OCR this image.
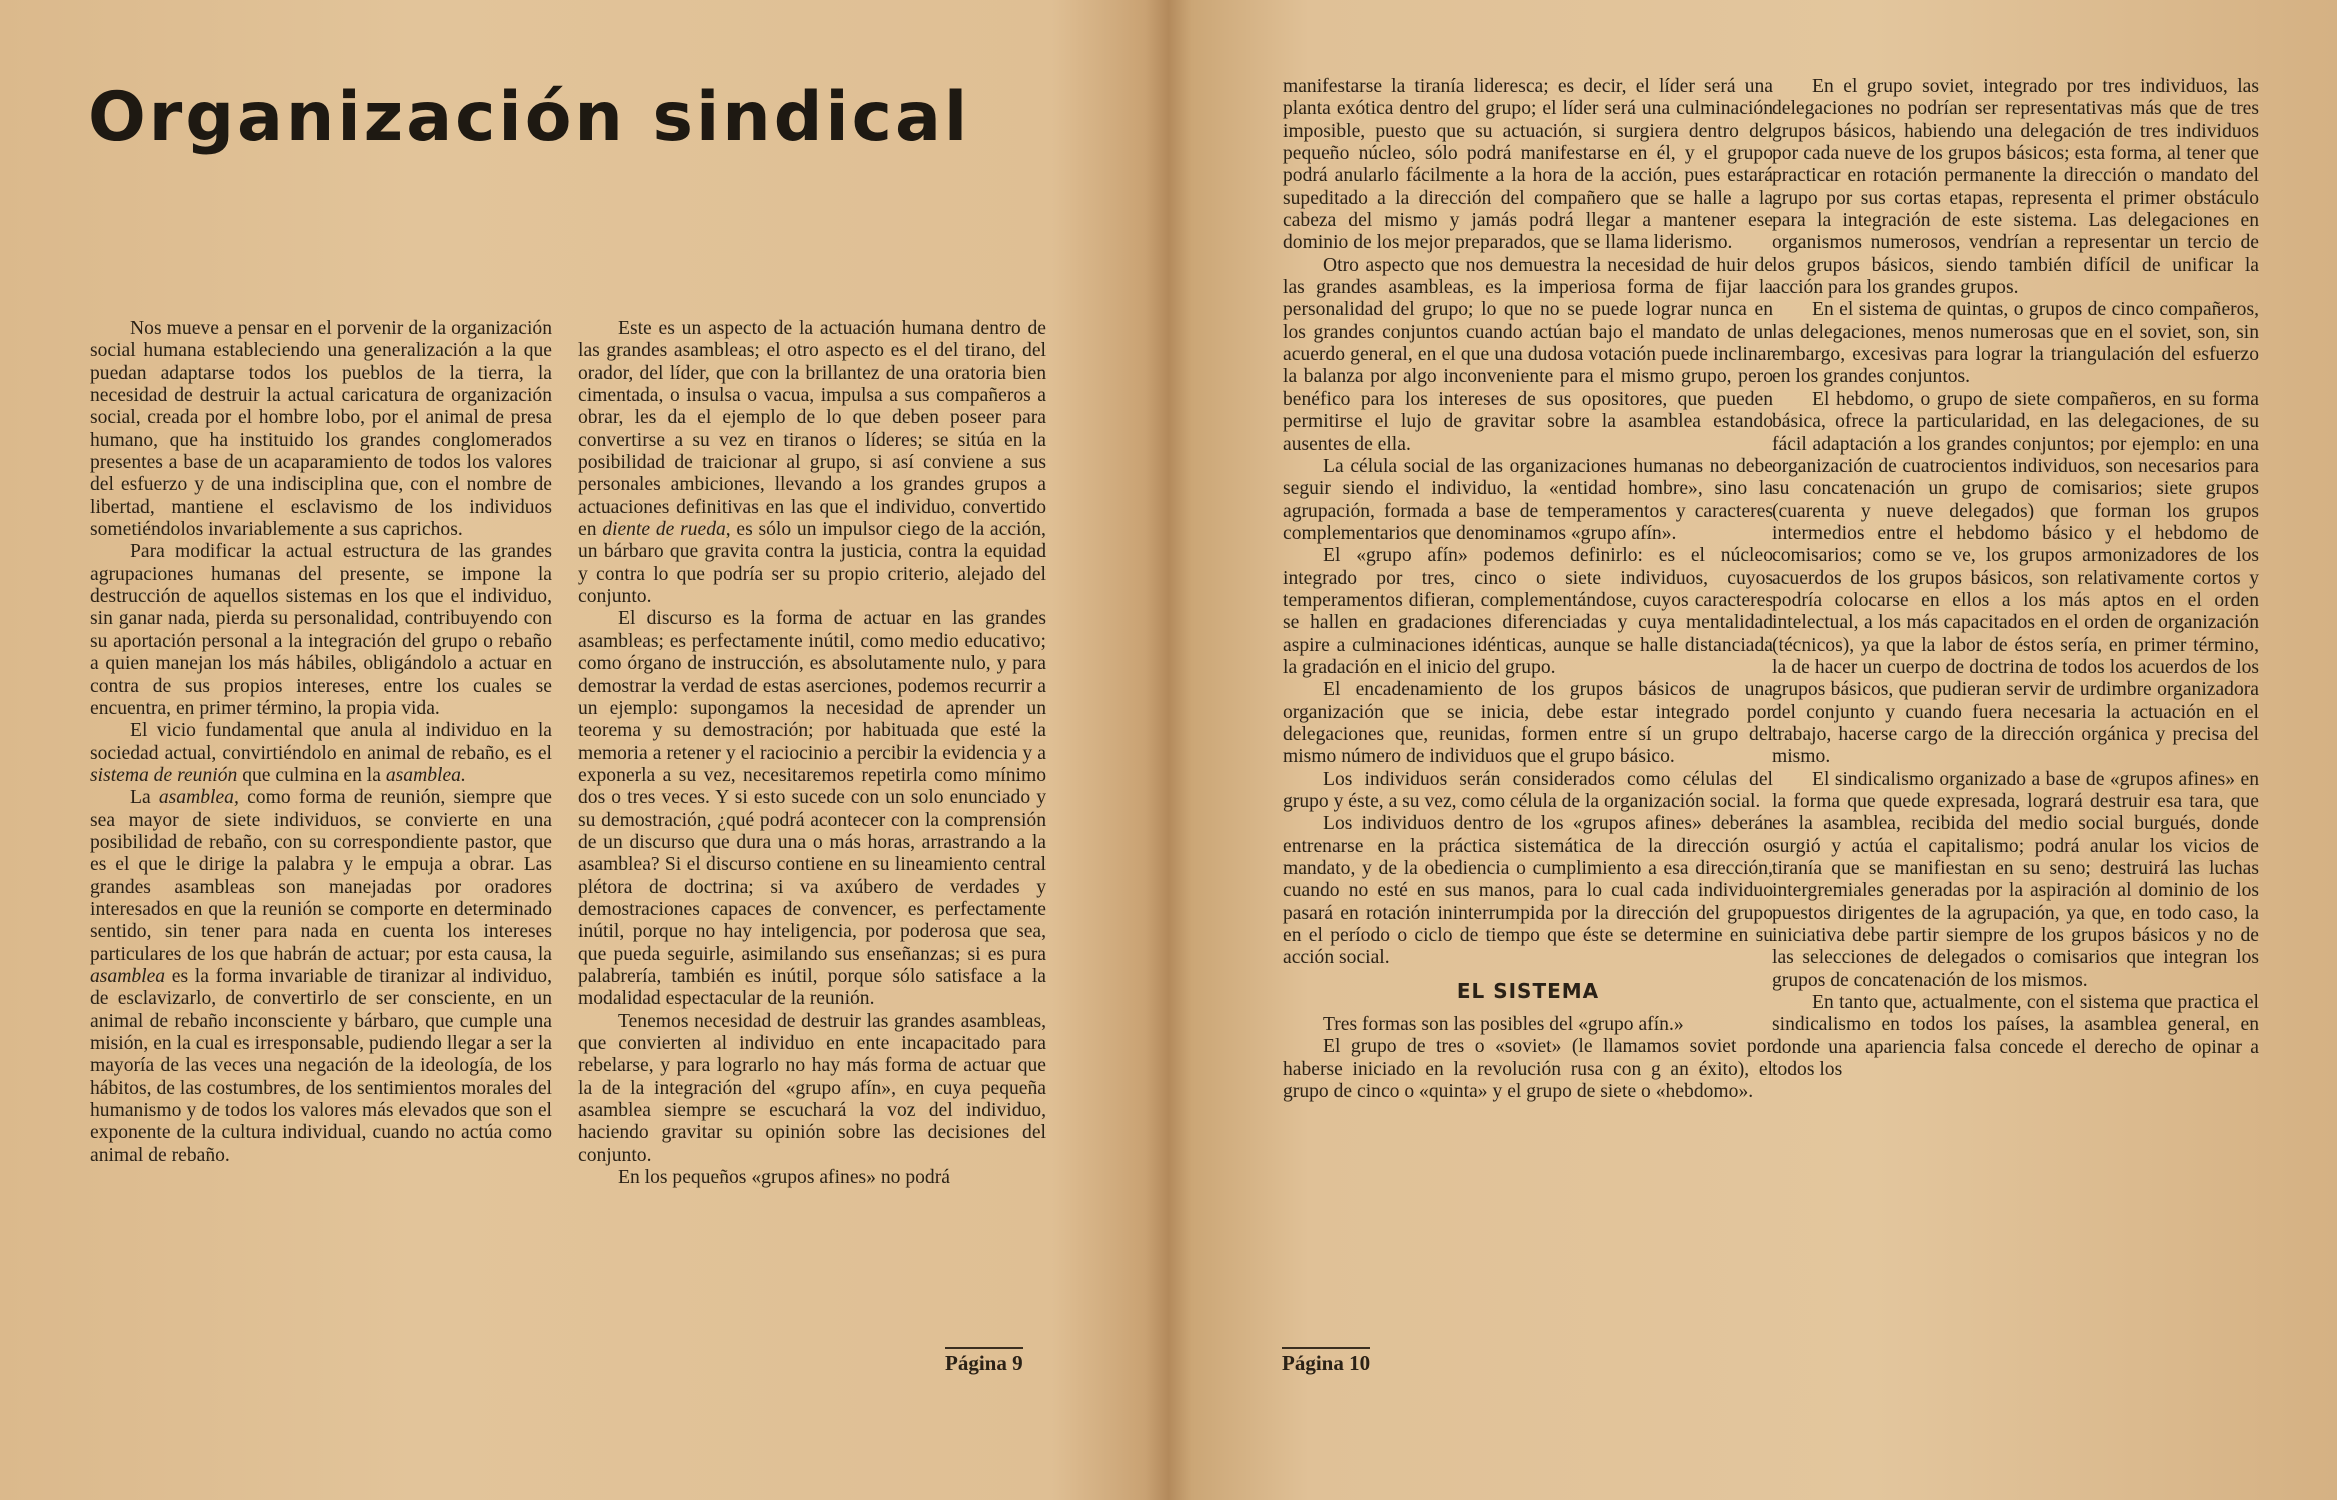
Organización sindical

Nos mueve a pensar en el porvenir de la organización social humana estableciendo una generalización a la que puedan adaptarse todos los pueblos de la tierra, la necesidad de destruir la actual caricatura de organización social, creada por el hombre lobo, por el animal de presa humano, que ha instituido los grandes conglomerados presentes a base de un acaparamiento de todos los valores del esfuerzo y de una indisciplina que, con el nombre de libertad, mantiene el esclavismo de los individuos sometiéndolos invariablemente a sus caprichos.

Para modificar la actual estructura de las grandes agrupaciones humanas del presente, se impone la destrucción de aquellos sistemas en los que el individuo, sin ganar nada, pierda su personalidad, contribuyendo con su aportación personal a la integración del grupo o rebaño a quien manejan los más hábiles, obligándolo a actuar en contra de sus propios intereses, entre los cuales se encuentra, en primer término, la propia vida.

El vicio fundamental que anula al individuo en la sociedad actual, convirtiéndolo en animal de rebaño, es el sistema de reunión que culmina en la asamblea.

La asamblea, como forma de reunión, siempre que sea mayor de siete individuos, se convierte en una posibilidad de rebaño, con su correspondiente pastor, que es el que le dirige la palabra y le empuja a obrar. Las grandes asambleas son manejadas por oradores interesados en que la reunión se comporte en determinado sentido, sin tener para nada en cuenta los intereses particulares de los que habrán de actuar; por esta causa, la asamblea es la forma invariable de tiranizar al individuo, de esclavizarlo, de convertirlo de ser consciente, en un animal de rebaño inconsciente y bárbaro, que cumple una misión, en la cual es irresponsable, pudiendo llegar a ser la mayoría de las veces una negación de la ideología, de los hábitos, de las costumbres, de los sentimientos morales del humanismo y de todos los valores más elevados que son el exponente de la cultura individual, cuando no actúa como animal de rebaño.

Este es un aspecto de la actuación humana dentro de las grandes asambleas; el otro aspecto es el del tirano, del orador, del líder, que con la brillantez de una oratoria bien cimentada, o insulsa o vacua, impulsa a sus compañeros a obrar, les da el ejemplo de lo que deben poseer para convertirse a su vez en tiranos o líderes; se sitúa en la posibilidad de traicionar al grupo, si así conviene a sus personales ambiciones, llevando a los grandes grupos a actuaciones definitivas en las que el individuo, convertido en diente de rueda, es sólo un impulsor ciego de la acción, un bárbaro que gravita contra la justicia, contra la equidad y contra lo que podría ser su propio criterio, alejado del conjunto.

El discurso es la forma de actuar en las grandes asambleas; es perfectamente inútil, como medio educativo; como órgano de instrucción, es absolutamente nulo, y para demostrar la verdad de estas aserciones, podemos recurrir a un ejemplo: supongamos la necesidad de aprender un teorema y su demostración; por habituada que esté la memoria a retener y el raciocinio a percibir la evidencia y a exponerla a su vez, necesitaremos repetirla como mínimo dos o tres veces. Y si esto sucede con un solo enunciado y su demostración, ¿qué podrá acontecer con la comprensión de un discurso que dura una o más horas, arrastrando a la asamblea? Si el discurso contiene en su lineamiento central plétora de doctrina; si va axúbero de verdades y demostraciones capaces de convencer, es perfectamente inútil, porque no hay inteligencia, por poderosa que sea, que pueda seguirle, asimilando sus enseñanzas; si es pura palabrería, también es inútil, porque sólo satisface a la modalidad espectacular de la reunión.

Tenemos necesidad de destruir las grandes asambleas, que convierten al individuo en ente incapacitado para rebelarse, y para lograrlo no hay más forma de actuar que la de la integración del «grupo afín», en cuya pequeña asamblea siempre se escuchará la voz del individuo, haciendo gravitar su opinión sobre las decisiones del conjunto.

En los pequeños «grupos afines» no podrá

Página 9

manifestarse la tiranía lideresca; es decir, el líder será una planta exótica dentro del grupo; el líder será una culminación imposible, puesto que su actuación, si surgiera dentro del pequeño núcleo, sólo podrá manifestarse en él, y el grupo podrá anularlo fácilmente a la hora de la acción, pues estará supeditado a la dirección del compañero que se halle a la cabeza del mismo y jamás podrá llegar a mantener ese dominio de los mejor preparados, que se llama liderismo.

Otro aspecto que nos demuestra la necesidad de huir de las grandes asambleas, es la imperiosa forma de fijar la personalidad del grupo; lo que no se puede lograr nunca en los grandes conjuntos cuando actúan bajo el mandato de un acuerdo general, en el que una dudosa votación puede inclinar la balanza por algo inconveniente para el mismo grupo, pero benéfico para los intereses de sus opositores, que pueden permitirse el lujo de gravitar sobre la asamblea estando ausentes de ella.

La célula social de las organizaciones humanas no debe seguir siendo el individuo, la «entidad hombre», sino la agrupación, formada a base de temperamentos y caracteres complementarios que denominamos «grupo afín».

El «grupo afín» podemos definirlo: es el núcleo integrado por tres, cinco o siete individuos, cuyos temperamentos difieran, complementándose, cuyos caracteres se hallen en gradaciones diferenciadas y cuya mentalidad aspire a culminaciones idénticas, aunque se halle distanciada la gradación en el inicio del grupo.

El encadenamiento de los grupos básicos de una organización que se inicia, debe estar integrado por delegaciones que, reunidas, formen entre sí un grupo del mismo número de individuos que el grupo básico.

Los individuos serán considerados como células del grupo y éste, a su vez, como célula de la organización social.

Los individuos dentro de los «grupos afines» deberán entrenarse en la práctica sistemática de la dirección o mandato, y de la obediencia o cumplimiento a esa dirección, cuando no esté en sus manos, para lo cual cada individuo pasará en rotación ininterrumpida por la dirección del grupo en el período o ciclo de tiempo que éste se determine en su acción social.

EL SISTEMA

Tres formas son las posibles del «grupo afín.»

El grupo de tres o «soviet» (le llamamos soviet por haberse iniciado en la revolución rusa con g an éxito), el grupo de cinco o «quinta» y el grupo de siete o «hebdomo».

En el grupo soviet, integrado por tres individuos, las delegaciones no podrían ser representativas más que de tres grupos básicos, habiendo una delegación de tres individuos por cada nueve de los grupos básicos; esta forma, al tener que practicar en rotación permanente la dirección o mandato del grupo por sus cortas etapas, representa el primer obstáculo para la integración de este sistema. Las delegaciones en organismos numerosos, vendrían a representar un tercio de los grupos básicos, siendo también difícil de unificar la acción para los grandes grupos.

En el sistema de quintas, o grupos de cinco compañeros, las delegaciones, menos numerosas que en el soviet, son, sin embargo, excesivas para lograr la triangulación del esfuerzo en los grandes conjuntos.

El hebdomo, o grupo de siete compañeros, en su forma básica, ofrece la particularidad, en las delegaciones, de su fácil adaptación a los grandes conjuntos; por ejemplo: en una organización de cuatrocientos individuos, son necesarios para su concatenación un grupo de comisarios; siete grupos (cuarenta y nueve delegados) que forman los grupos intermedios entre el hebdomo básico y el hebdomo de comisarios; como se ve, los grupos armonizadores de los acuerdos de los grupos básicos, son relativamente cortos y podría colocarse en ellos a los más aptos en el orden intelectual, a los más capacitados en el orden de organización (técnicos), ya que la labor de éstos sería, en primer término, la de hacer un cuerpo de doctrina de todos los acuerdos de los grupos básicos, que pudieran servir de urdimbre organizadora del conjunto y cuando fuera necesaria la actuación en el trabajo, hacerse cargo de la dirección orgánica y precisa del mismo.

El sindicalismo organizado a base de «grupos afines» en la forma que quede expresada, logrará destruir esa tara, que es la asamblea, recibida del medio social burgués, donde surgió y actúa el capitalismo; podrá anular los vicios de tiranía que se manifiestan en su seno; destruirá las luchas intergremiales generadas por la aspiración al dominio de los puestos dirigentes de la agrupación, ya que, en todo caso, la iniciativa debe partir siempre de los grupos básicos y no de las selecciones de delegados o comisarios que integran los grupos de concatenación de los mismos.

En tanto que, actualmente, con el sistema que practica el sindicalismo en todos los países, la asamblea general, en donde una apariencia falsa concede el derecho de opinar a todos los

Página 10
